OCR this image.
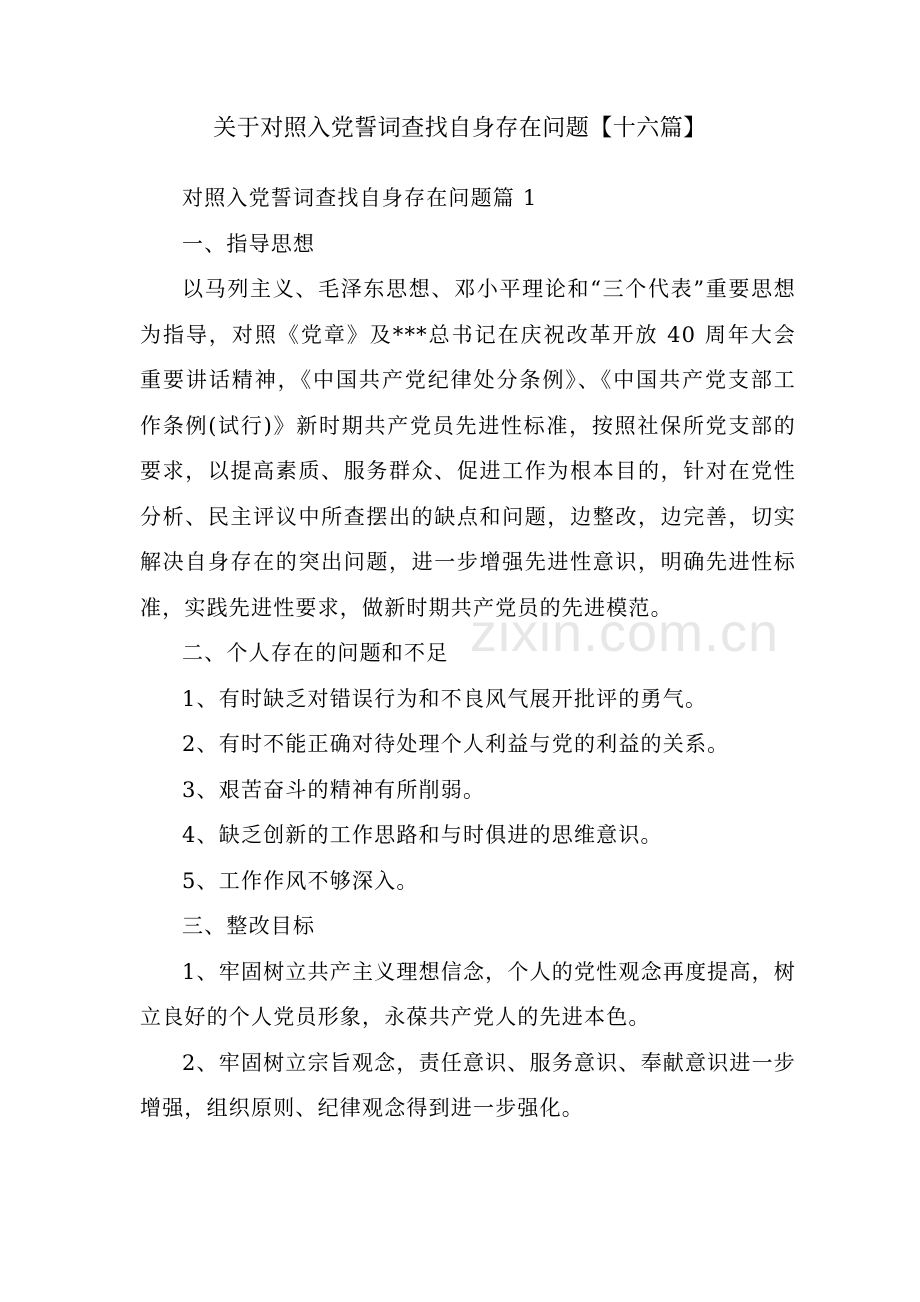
关于对照入党誓词查找自身存在问题【十六篇】

对照入党誓词查找自身存在问题篇 1

一、指导思想

以马列主义、毛泽东思想、邓小平理论和“三个代表”重要思想为指导，对照《党章》及***总书记在庆祝改革开放 40 周年大会重要讲话精神，《中国共产党纪律处分条例》、《中国共产党支部工作条例(试行)》新时期共产党员先进性标准，按照社保所党支部的要求，以提高素质、服务群众、促进工作为根本目的，针对在党性分析、民主评议中所查摆出的缺点和问题，边整改，边完善，切实解决自身存在的突出问题，进一步增强先进性意识，明确先进性标准，实践先进性要求，做新时期共产党员的先进模范。

二、个人存在的问题和不足

1、有时缺乏对错误行为和不良风气展开批评的勇气。

2、有时不能正确对待处理个人利益与党的利益的关系。

3、艰苦奋斗的精神有所削弱。

4、缺乏创新的工作思路和与时俱进的思维意识。

5、工作作风不够深入。

三、整改目标

1、牢固树立共产主义理想信念，个人的党性观念再度提高，树立良好的个人党员形象，永葆共产党人的先进本色。

2、牢固树立宗旨观念，责任意识、服务意识、奉献意识进一步增强，组织原则、纪律观念得到进一步强化。

zixin.com.cn
